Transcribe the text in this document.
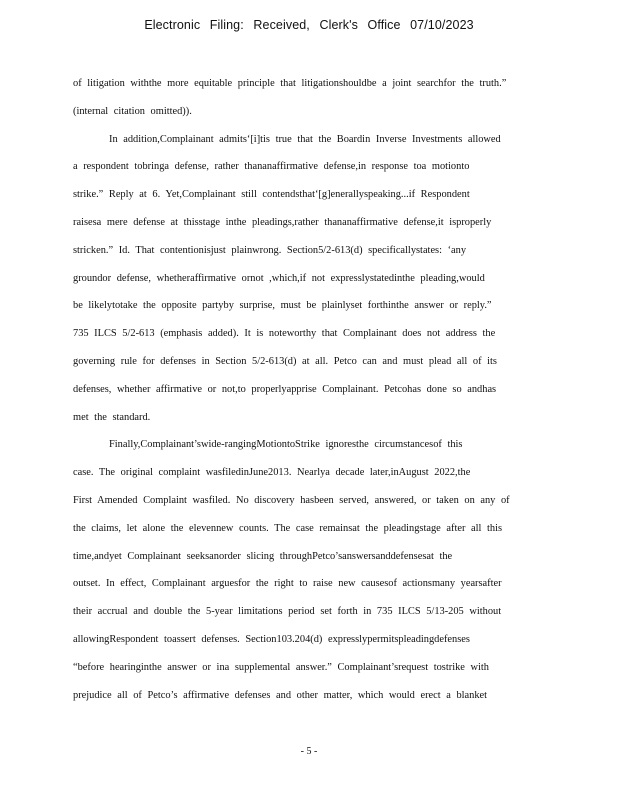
Electronic Filing: Received, Clerk's Office 07/10/2023
of litigation withthe more equitable principle that litigationshouldbe a joint searchfor the truth.”
(internal citation omitted)).
In addition,Complainant admits‘[i]tis true that the Boardin Inverse Investments allowed
a respondent tobringa defense, rather thananaffirmative defense,in response toa motionto
strike.” Reply at 6. Yet,Complainant still contendsthat‘[g]enerallyspeaking...if Respondent
raisesa mere defense at thisstage inthe pleadings,rather thananaffirmative defense,it isproperly
stricken.” Id. That contentionisjust plainwrong. Section5/2-613(d) specificallystates: ‘any
groundor defense, whetheraffirmative ornot ,which,if not expresslystatedinthe pleading,would
be likelytotake the opposite partyby surprise, must be plainlyset forthinthe answer or reply.”
735 ILCS 5/2-613 (emphasis added). It is noteworthy that Complainant does not address the
governing rule for defenses in Section 5/2-613(d) at all. Petco can and must plead all of its
defenses, whether affirmative or not,to properlyapprise Complainant. Petcohas done so andhas
met the standard.
Finally,Complainant’swide-rangingMotiontoStrike ignoresthe circumstancesof this
case. The original complaint wasfiledinJune2013. Nearlya decade later,inAugust 2022,the
First Amended Complaint wasfiled. No discovery hasbeen served, answered, or taken on any of
the claims, let alone the elevennew counts. The case remainsat the pleadingstage after all this
time,andyet Complainant seeksanorder slicing throughPetco’sanswersanddefensesat the
outset. In effect, Complainant arguesfor the right to raise new causesof actionsmany yearsafter
their accrual and double the 5-year limitations period set forth in 735 ILCS 5/13-205 without
allowingRespondent toassert defenses. Section103.204(d) expresslypermitspleadingdefenses
“before hearinginthe answer or ina supplemental answer.” Complainant’srequest tostrike with
prejudice all of Petco’s affirmative defenses and other matter, which would erect a blanket
- 5 -
